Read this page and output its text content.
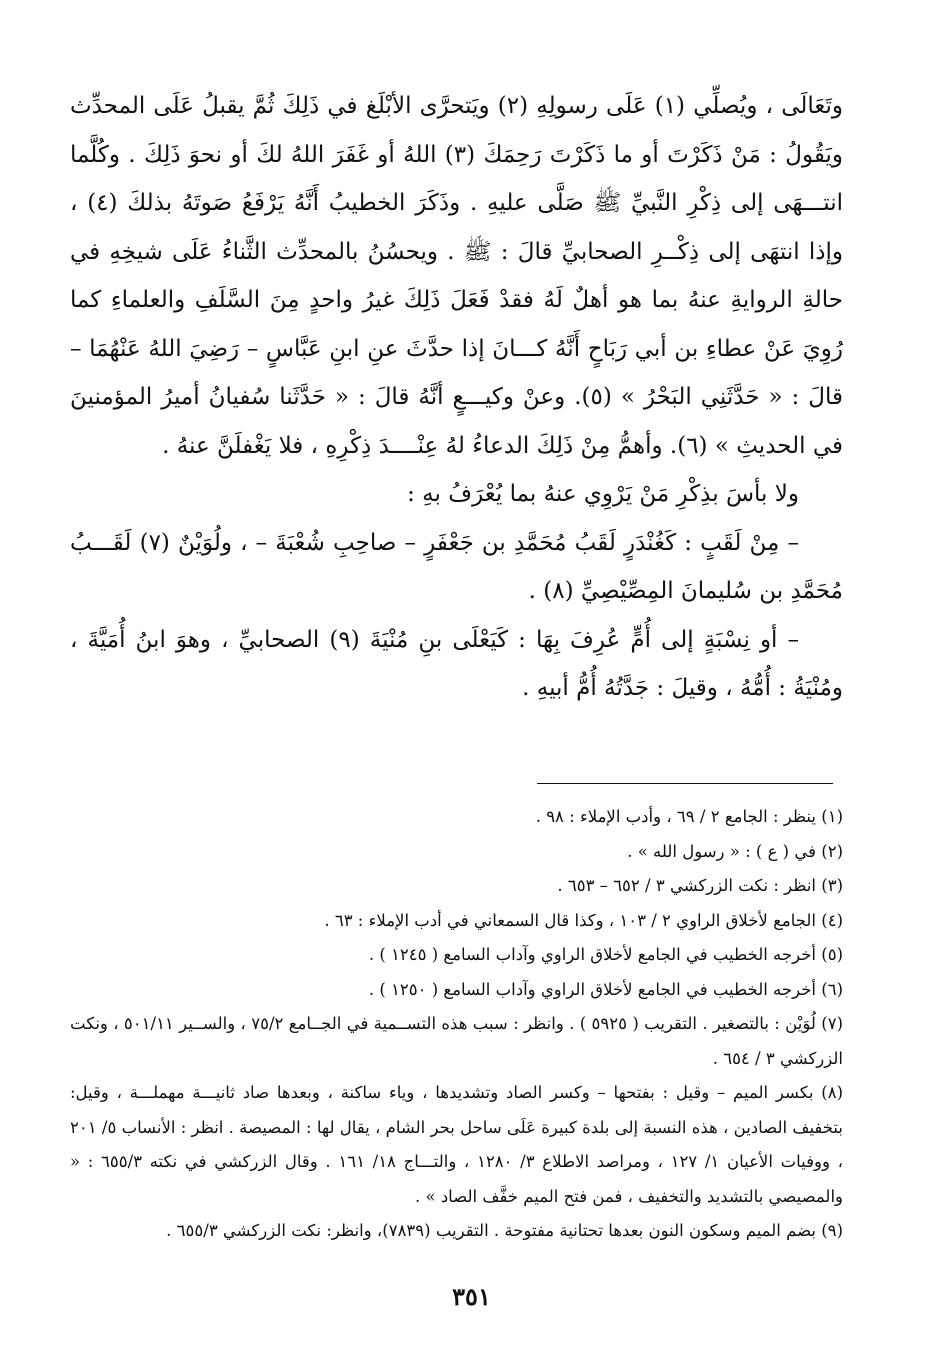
وتَعَالَى ، ويُصلِّي (١) عَلَى رسولِهِ (٢) ويَتحرَّى الأبْلَغ في ذَلِكَ ثُمَّ يقبلُ عَلَى المحدِّث ويَقُولُ : مَنْ ذَكَرْتَ أو ما ذَكَرْتَ رَحِمَكَ (٣) اللهُ أو غَفَرَ اللهُ لكَ أو نحوَ ذَلِكَ . وكُلَّما انتـــهَى إلى ذِكْرِ النَّبيِّ ﷺ صَلَّى عليهِ . وذَكَرَ الخطيبُ أَنَّهُ يَرْفَعُ صَوتَهُ بذلكَ (٤) ، وإذا انتهَى إلى ذِكْــرِ الصحابيِّ قالَ : ﷺ . ويحسُنُ بالمحدِّث الثَّناءُ عَلَى شيخِهِ في حالةِ الروايةِ عنهُ بما هو أهلٌ لَهُ فقدْ فَعَلَ ذَلِكَ غيرُ واحدٍ مِنَ السَّلَفِ والعلماءِ كما رُوِيَ عَنْ عطاءِ بن أبي رَبَاحٍ أَنَّهُ كـــانَ إذا حدَّثَ عنِ ابنِ عَبَّاسٍ – رَضِيَ اللهُ عَنْهُمَا – قالَ : « حَدَّثَنِي البَحْرُ » (٥). وعنْ وكيـــعٍ أنَّهُ قالَ : « حَدَّثَنا سُفيانُ أميرُ المؤمنينَ في الحديثِ » (٦). وأهمُّ مِنْ ذَلِكَ الدعاءُ لهُ عِنْــــدَ ذِكْرِهِ ، فلا يَغْفلَنَّ عنهُ .

ولا بأسَ بذِكْرِ مَنْ يَرْوِي عنهُ بما يُعْرَفُ بهِ :

– مِنْ لَقَبٍ : كَغُنْدَرٍ لَقَبُ مُحَمَّدِ بن جَعْفَرٍ – صاحِبِ شُعْبَةَ – ، ولُوَيْنٌ (٧) لَقَـــبُ مُحَمَّدِ بن سُليمانَ المِصِّيْصِيِّ (٨) .

– أو نِسْبَةٍ إلى أُمٍّ عُرِفَ بِهَا : كَيَعْلَى بنِ مُنْيَةَ (٩) الصحابيِّ ، وهوَ ابنُ أُمَيَّةَ ، ومُنْيَةُ : أُمُّهُ ، وقيلَ : جَدَّتُهُ أُمُّ أبيهِ .

(١) ينظر : الجامع ٢ / ٦٩ ، وأدب الإملاء : ٩٨ .

(٢) في ( ع ) : « رسول الله » .

(٣) انظر : نكت الزركشي ٣ / ٦٥٢ – ٦٥٣ .

(٤) الجامع لأخلاق الراوي ٢ / ١٠٣ ، وكذا قال السمعاني في أدب الإملاء : ٦٣ .

(٥) أخرجه الخطيب في الجامع لأخلاق الراوي وآداب السامع ( ١٢٤٥ ) .

(٦) أخرجه الخطيب في الجامع لأخلاق الراوي وآداب السامع ( ١٢٥٠ ) .

(٧) لُوَيْن : بالتصغير . التقريب ( ٥٩٢٥ ) . وانظر : سبب هذه التســمية في الجــامع ٧٥/٢ ، والســير ٥٠١/١١ ، ونكت الزركشي ٣ / ٦٥٤ .

(٨) بكسر الميم – وقيل : بفتحها – وكسر الصاد وتشديدها ، وياء ساكنة ، وبعدها صاد ثانيـــة مهملـــة ، وقيل: بتخفيف الصادين ، هذه النسبة إلى بلدة كبيرة عَلَى ساحل بحر الشام ، يقال لها : المصيصة . انظر : الأنساب ٥/ ٢٠١ ، ووفيات الأعيان ١/ ١٢٧ ، ومراصد الاطلاع ٣/ ١٢٨٠ ، والتـــاج ١٨/ ١٦١ . وقال الزركشي في نكته ٦٥٥/٣ : « والمصيصي بالتشديد والتخفيف ، فمن فتح الميم خفَّف الصاد » .

(٩) بضم الميم وسكون النون بعدها تحتانية مفتوحة . التقريب (٧٨٣٩)، وانظر: نكت الزركشي ٦٥٥/٣ .

٣٥١
